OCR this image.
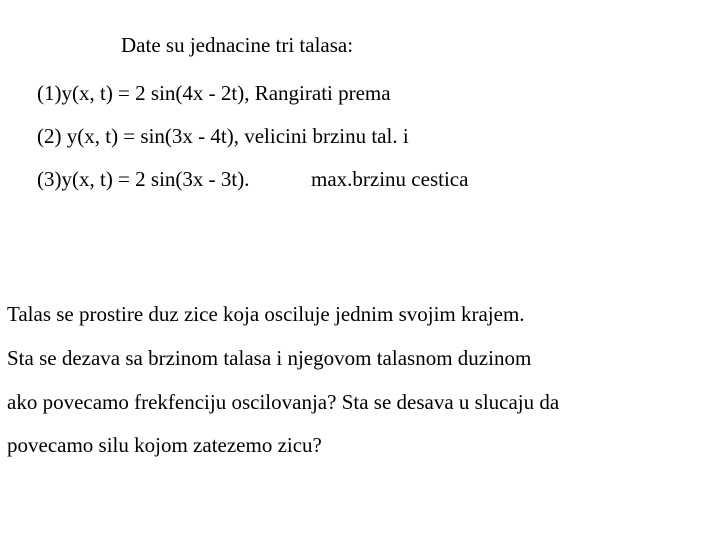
Date su jednacine tri talasa:
(1)y(x, t) = 2 sin(4x - 2t), Rangirati prema
(2) y(x, t) = sin(3x - 4t), velicini brzinu tal. i
(3)y(x, t) = 2 sin(3x - 3t).	max.brzinu cestica
Talas se prostire duz zice koja osciluje jednim svojim krajem.
Sta se dezava sa brzinom talasa i njegovom talasnom duzinom
ako povecamo frekfenciju oscilovanja? Sta se desava u slucaju da
povecamo silu kojom zatezemo zicu?
